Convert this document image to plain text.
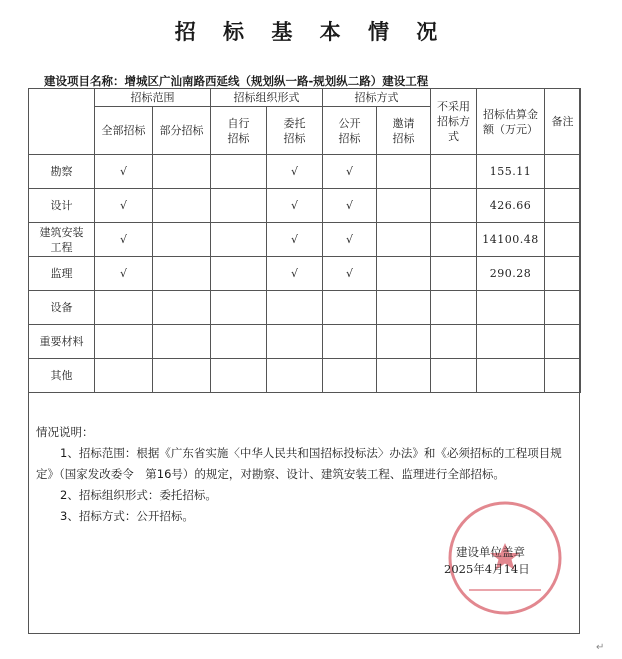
招 标 基 本 情 况
建设项目名称：增城区广汕南路西延线（规划纵一路-规划纵二路）建设工程
	招标范围		招标组织形式		招标方式		不采用招标方式	招标估算金额（万元）	备注
	全部招标	部分招标	自行招标	委托招标	公开招标	邀请招标			
勘察	√			√	√			155.11	
设计	√			√	√			426.66	
建筑安装工程	√			√	√			14100.48	
监理	√			√	√			290.28	
设备									
重要材料									
其他									
情况说明：

1、招标范围：根据《广东省实施〈中华人民共和国招标投标法〉办法》和《必须招标的工程项目规定》（国家发改委令　第16号）的规定，对勘察、设计、建筑安装工程、监理进行全部招标。

2、招标组织形式：委托招标。

3、招标方式：公开招标。

建设单位盖章
2025年4月14日
↵
